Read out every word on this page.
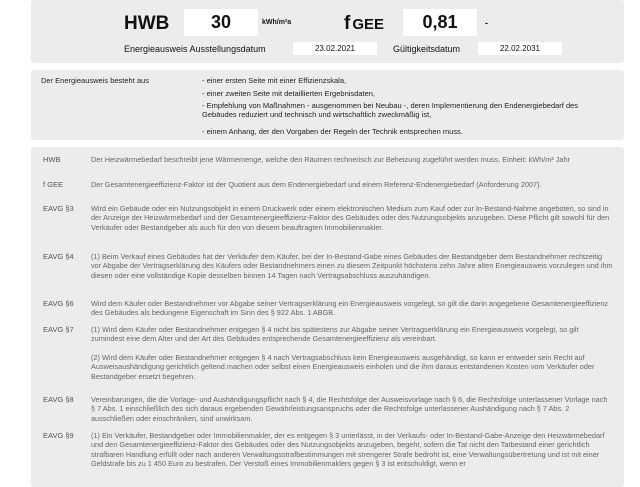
HWB	30	kWh/m²a	f GEE	0,81	-
Energieausweis Ausstellungsdatum	23.02.2021	Gültigkeitsdatum	22.02.2031
Der Energieausweis besteht aus	- einer ersten Seite mit einer Effizienzskala,
- einer zweiten Seite mit detaillierten Ergebnisdaten,
- Empfehlung von Maßnahmen - ausgenommen bei Neubau -, deren Implementierung den Endenergiebedarf des Gebäudes reduziert und technisch und wirtschaftlich zweckmäßig ist,
- einem Anhang, der den Vorgaben der Regeln der Technik entsprechen muss.
HWB	Der Heizwärmebedarf beschreibt jene Wärmemenge, welche den Räumen rechnerisch zur Beheizung zugeführt werden muss. Einheit: kWh/m² Jahr
f GEE	Der Gesamtenergieeffizienz-Faktor ist der Quotient aus dem Endenergiebedarf und einem Referenz-Endenergiebedarf (Anforderung 2007).
EAVG §3	Wird ein Gebäude oder ein Nutzungsobjekt in einem Druckwerk oder einem elektronischen Medium zum Kauf oder zur In-Bestand-Nahme angeboten, so sind in der Anzeige der Heizwärmebedarf und der Gesamtenergieeffizienz-Faktor des Gebäudes oder des Nutzungsobjekts anzugeben. Diese Pflicht gilt sowohl für den Verkäufer oder Bestandgeber als auch für den von diesem beauftragten Immobilienmakler.
EAVG §4	(1) Beim Verkauf eines Gebäudes hat der Verkäufer dem Käufer, bei der In-Bestand-Gabe eines Gebäudes der Bestandgeber dem Bestandnehmer rechtzeitig vor Abgabe der Vertragserklärung des Käufers oder Bestandnehmers einen zu diesem Zeitpunkt höchstens zehn Jahre alten Energieausweis vorzulegen und ihm diesen oder eine vollständige Kopie desselben binnen 14 Tagen nach Vertragsabschluss auszuhändigen.
EAVG §6	Wird dem Käufer oder Bestandnehmer vor Abgabe seiner Vertragserklärung ein Energieausweis vorgelegt, so gilt die darin angegebene Gesamtenergieeffizienz des Gebäudes als bedungene Eigenschaft im Sinn des § 922 Abs. 1 ABGB.
EAVG §7	(1) Wird dem Käufer oder Bestandnehmer entgegen § 4 nicht bis spätestens zur Abgabe seiner Vertragserklärung ein Energieausweis vorgelegt, so gilt zumindest eine dem Alter und der Art des Gebäudes entsprechende Gesamtenergieeffizienz als vereinbart.
(2) Wird dem Käufer oder Bestandnehmer entgegen § 4 nach Vertragsabschluss kein Energieausweis ausgehändigt, so kann er entweder sein Recht auf Ausweisaushändigung gerichtlich geltend machen oder selbst einen Energieausweis einholen und die ihm daraus entstandenen Kosten vom Verkäufer oder Bestandgeber ersetzt begehren.
EAVG §8	Vereinbarungen, die die Vorlage- und Aushändigungspflicht nach § 4, die Rechtsfolge der Ausweisvorlage nach § 6, die Rechtsfolge unterlassener Vorlage nach § 7 Abs. 1 einschließlich des sich daraus ergebenden Gewährleistungsanspruchs oder die Rechtsfolge unterlassener Aushändigung nach § 7 Abs. 2 ausschließen oder einschränken, sind unwirksam.
EAVG §9	(1) Ein Verkäufer, Bestandgeber oder Immobilienmakler, der es entgegen § 3 unterlässt, in der Verkaufs- oder In-Bestand-Gabe-Anzeige den Heizwärmebedarf und den Gesamtenergieeffizienz-Faktor des Gebäudes oder des Nutzungsobjekts anzugeben, begeht, sofern die Tat nicht den Tatbestand einer gerichtlich strafbaren Handlung erfüllt oder nach anderen Verwaltungsstrafbestimmungen mit strengerer Strafe bedroht ist, eine Verwaltungsübertretung und ist mit einer Geldstrafe bis zu 1 450 Euro zu bestrafen. Der Verstoß eines Immobilienmaklers gegen § 3 ist entschuldigt, wenn er
